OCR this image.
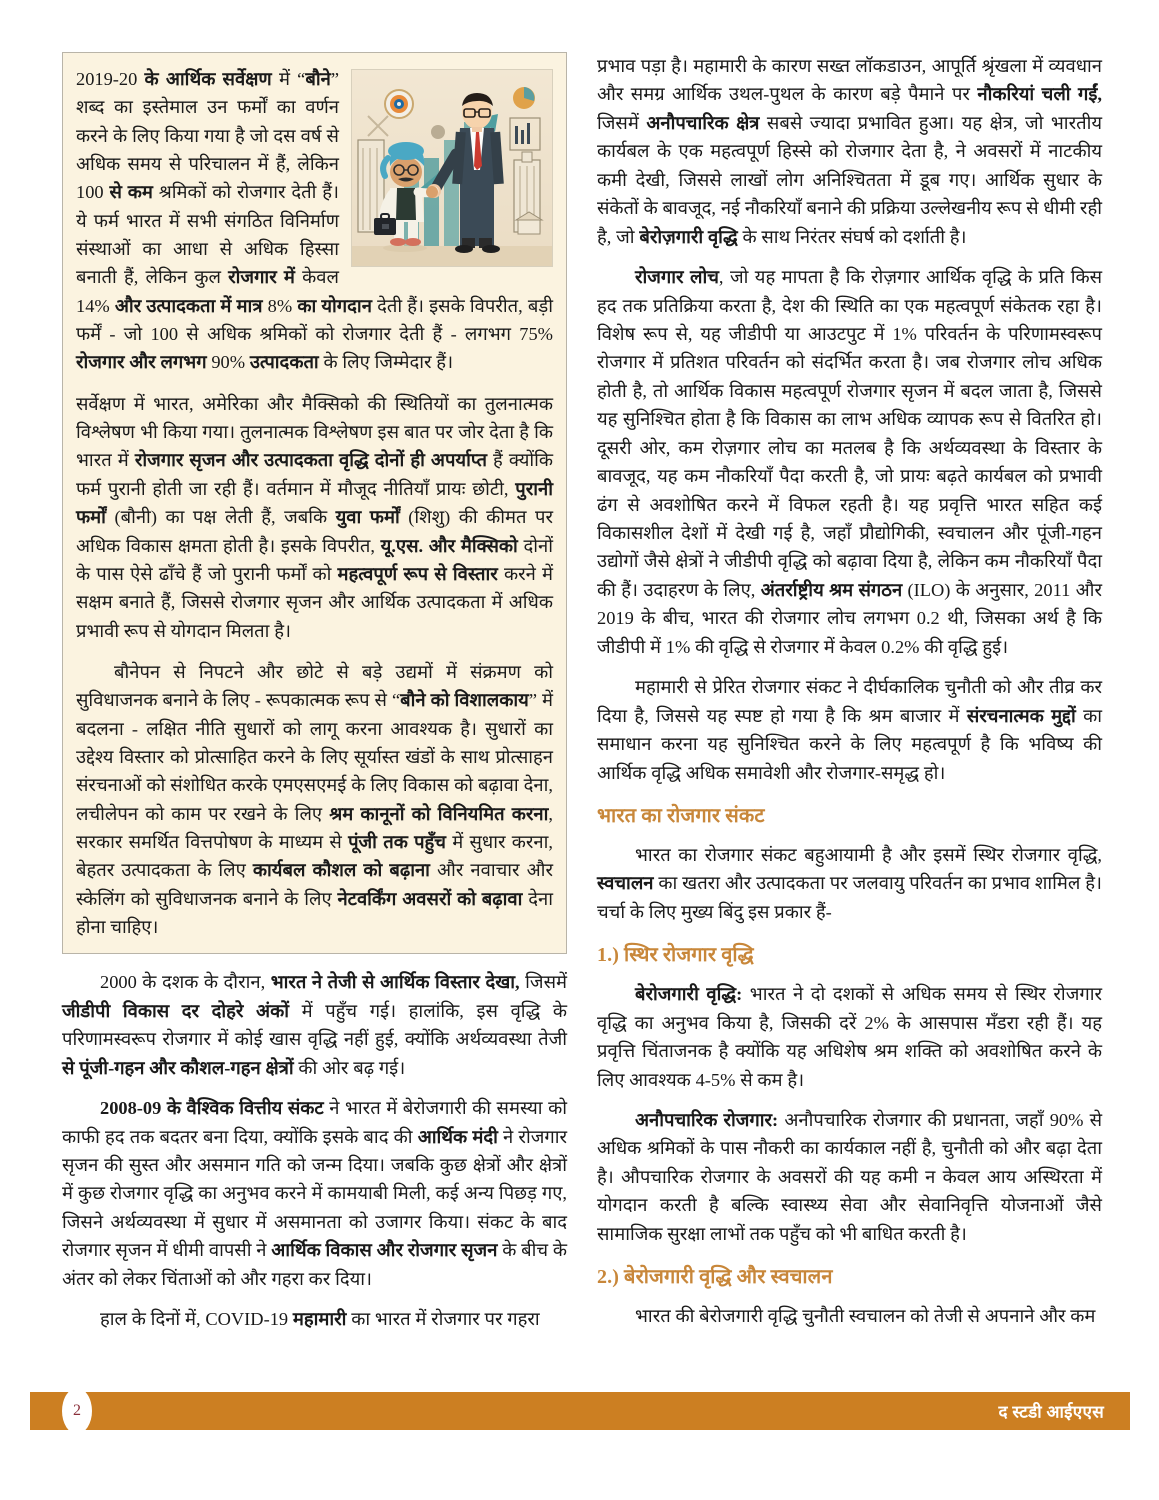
2019-20 के आर्थिक सर्वेक्षण में “बौने” शब्द का इस्तेमाल उन फर्मों का वर्णन करने के लिए किया गया है जो दस वर्ष से अधिक समय से परिचालन में हैं, लेकिन 100 से कम श्रमिकों को रोजगार देती हैं। ये फर्म भारत में सभी संगठित विनिर्माण संस्थाओं का आधा से अधिक हिस्सा बनाती हैं, लेकिन कुल रोजगार में केवल 14% और उत्पादकता में मात्र 8% का योगदान देती हैं। इसके विपरीत, बड़ी फर्में - जो 100 से अधिक श्रमिकों को रोजगार देती हैं - लगभग 75% रोजगार और लगभग 90% उत्पादकता के लिए जिम्मेदार हैं।

सर्वेक्षण में भारत, अमेरिका और मैक्सिको की स्थितियों का तुलनात्मक विश्लेषण भी किया गया। तुलनात्मक विश्लेषण इस बात पर जोर देता है कि भारत में रोजगार सृजन और उत्पादकता वृद्धि दोनों ही अपर्याप्त हैं क्योंकि फर्म पुरानी होती जा रही हैं। वर्तमान में मौजूद नीतियाँ प्रायः छोटी, पुरानी फर्मों (बौनी) का पक्ष लेती हैं, जबकि युवा फर्मों (शिशु) की कीमत पर अधिक विकास क्षमता होती है। इसके विपरीत, यू.एस. और मैक्सिको दोनों के पास ऐसे ढाँचे हैं जो पुरानी फर्मों को महत्वपूर्ण रूप से विस्तार करने में सक्षम बनाते हैं, जिससे रोजगार सृजन और आर्थिक उत्पादकता में अधिक प्रभावी रूप से योगदान मिलता है।

बौनेपन से निपटने और छोटे से बड़े उद्यमों में संक्रमण को सुविधाजनक बनाने के लिए - रूपकात्मक रूप से “बौने को विशालकाय” में बदलना - लक्षित नीति सुधारों को लागू करना आवश्यक है। सुधारों का उद्देश्य विस्तार को प्रोत्साहित करने के लिए सूर्यास्त खंडों के साथ प्रोत्साहन संरचनाओं को संशोधित करके एमएसएमई के लिए विकास को बढ़ावा देना, लचीलेपन को काम पर रखने के लिए श्रम कानूनों को विनियमित करना, सरकार समर्थित वित्तपोषण के माध्यम से पूंजी तक पहुँच में सुधार करना, बेहतर उत्पादकता के लिए कार्यबल कौशल को बढ़ाना और नवाचार और स्केलिंग को सुविधाजनक बनाने के लिए नेटवर्किंग अवसरों को बढ़ावा देना होना चाहिए।

2000 के दशक के दौरान, भारत ने तेजी से आर्थिक विस्तार देखा, जिसमें जीडीपी विकास दर दोहरे अंकों में पहुँच गई। हालांकि, इस वृद्धि के परिणामस्वरूप रोजगार में कोई खास वृद्धि नहीं हुई, क्योंकि अर्थव्यवस्था तेजी से पूंजी-गहन और कौशल-गहन क्षेत्रों की ओर बढ़ गई।

2008-09 के वैश्विक वित्तीय संकट ने भारत में बेरोजगारी की समस्या को काफी हद तक बदतर बना दिया, क्योंकि इसके बाद की आर्थिक मंदी ने रोजगार सृजन की सुस्त और असमान गति को जन्म दिया। जबकि कुछ क्षेत्रों और क्षेत्रों में कुछ रोजगार वृद्धि का अनुभव करने में कामयाबी मिली, कई अन्य पिछड़ गए, जिसने अर्थव्यवस्था में सुधार में असमानता को उजागर किया। संकट के बाद रोजगार सृजन में धीमी वापसी ने आर्थिक विकास और रोजगार सृजन के बीच के अंतर को लेकर चिंताओं को और गहरा कर दिया।

हाल के दिनों में, COVID-19 महामारी का भारत में रोजगार पर गहरा

प्रभाव पड़ा है। महामारी के कारण सख्त लॉकडाउन, आपूर्ति श्रृंखला में व्यवधान और समग्र आर्थिक उथल-पुथल के कारण बड़े पैमाने पर नौकरियां चली गईं, जिसमें अनौपचारिक क्षेत्र सबसे ज्यादा प्रभावित हुआ। यह क्षेत्र, जो भारतीय कार्यबल के एक महत्वपूर्ण हिस्से को रोजगार देता है, ने अवसरों में नाटकीय कमी देखी, जिससे लाखों लोग अनिश्चितता में डूब गए। आर्थिक सुधार के संकेतों के बावजूद, नई नौकरियाँ बनाने की प्रक्रिया उल्लेखनीय रूप से धीमी रही है, जो बेरोज़गारी वृद्धि के साथ निरंतर संघर्ष को दर्शाती है।

रोजगार लोच, जो यह मापता है कि रोज़गार आर्थिक वृद्धि के प्रति किस हद तक प्रतिक्रिया करता है, देश की स्थिति का एक महत्वपूर्ण संकेतक रहा है। विशेष रूप से, यह जीडीपी या आउटपुट में 1% परिवर्तन के परिणामस्वरूप रोजगार में प्रतिशत परिवर्तन को संदर्भित करता है। जब रोजगार लोच अधिक होती है, तो आर्थिक विकास महत्वपूर्ण रोजगार सृजन में बदल जाता है, जिससे यह सुनिश्चित होता है कि विकास का लाभ अधिक व्यापक रूप से वितरित हो। दूसरी ओर, कम रोज़गार लोच का मतलब है कि अर्थव्यवस्था के विस्तार के बावजूद, यह कम नौकरियाँ पैदा करती है, जो प्रायः बढ़ते कार्यबल को प्रभावी ढंग से अवशोषित करने में विफल रहती है। यह प्रवृत्ति भारत सहित कई विकासशील देशों में देखी गई है, जहाँ प्रौद्योगिकी, स्वचालन और पूंजी-गहन उद्योगों जैसे क्षेत्रों ने जीडीपी वृद्धि को बढ़ावा दिया है, लेकिन कम नौकरियाँ पैदा की हैं। उदाहरण के लिए, अंतर्राष्ट्रीय श्रम संगठन (ILO) के अनुसार, 2011 और 2019 के बीच, भारत की रोजगार लोच लगभग 0.2 थी, जिसका अर्थ है कि जीडीपी में 1% की वृद्धि से रोजगार में केवल 0.2% की वृद्धि हुई।

महामारी से प्रेरित रोजगार संकट ने दीर्घकालिक चुनौती को और तीव्र कर दिया है, जिससे यह स्पष्ट हो गया है कि श्रम बाजार में संरचनात्मक मुद्दों का समाधान करना यह सुनिश्चित करने के लिए महत्वपूर्ण है कि भविष्य की आर्थिक वृद्धि अधिक समावेशी और रोजगार-समृद्ध हो।

भारत का रोजगार संकट

भारत का रोजगार संकट बहुआयामी है और इसमें स्थिर रोजगार वृद्धि, स्वचालन का खतरा और उत्पादकता पर जलवायु परिवर्तन का प्रभाव शामिल है। चर्चा के लिए मुख्य बिंदु इस प्रकार हैं-

1.) स्थिर रोजगार वृद्धि

बेरोजगारी वृद्धि: भारत ने दो दशकों से अधिक समय से स्थिर रोजगार वृद्धि का अनुभव किया है, जिसकी दरें 2% के आसपास मँडरा रही हैं। यह प्रवृत्ति चिंताजनक है क्योंकि यह अधिशेष श्रम शक्ति को अवशोषित करने के लिए आवश्यक 4-5% से कम है।

अनौपचारिक रोजगार: अनौपचारिक रोजगार की प्रधानता, जहाँ 90% से अधिक श्रमिकों के पास नौकरी का कार्यकाल नहीं है, चुनौती को और बढ़ा देता है। औपचारिक रोजगार के अवसरों की यह कमी न केवल आय अस्थिरता में योगदान करती है बल्कि स्वास्थ्य सेवा और सेवानिवृत्ति योजनाओं जैसे सामाजिक सुरक्षा लाभों तक पहुँच को भी बाधित करती है।

2.) बेरोजगारी वृद्धि और स्वचालन

भारत की बेरोजगारी वृद्धि चुनौती स्वचालन को तेजी से अपनाने और कम

2	द स्टडी आईएएस
